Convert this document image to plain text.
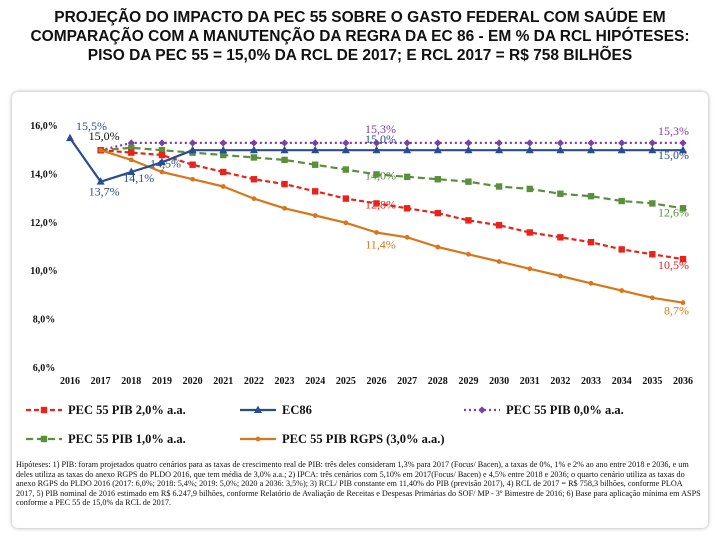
PROJEÇÃO DO IMPACTO DA PEC 55 SOBRE O GASTO FEDERAL COM SAÚDE EM COMPARAÇÃO COM A MANUTENÇÃO DA REGRA DA EC 86 - EM % DA RCL HIPÓTESES: PISO DA PEC 55 = 15,0% DA RCL DE 2017; E RCL 2017 = R$ 758 BILHÕES
6,0%
8,0%
10,0%
12,0%
14,0%
16,0%
2016 2017 2018 2019 2020 2021 2022 2023 2024 2025 2026 2027 2028 2029 2030 2031 2032 2033 2034 2035 2036
15,5%
15,0%
13,7%
14,1%
14,5%
15,3%
15,0%
14,0%
12,8%
11,4%
15,3%
15,0%
12,6%
10,5%
8,7%
PEC 55 PIB 2,0% a.a.	EC86	PEC 55 PIB 0,0% a.a.
PEC 55 PIB 1,0% a.a.	PEC 55 PIB RGPS (3,0% a.a.)
Hipóteses: 1) PIB: foram projetados quatro cenários para as taxas de crescimento real de PIB: três deles consideram 1,3% para 2017 (Focus/ Bacen), a taxas de 0%, 1% e 2% ao ano entre 2018 e 2036, e um deles utiliza as taxas do anexo RGPS do PLDO 2016, que tem média de 3,0% a.a.; 2) IPCA: três cenários com 5,10% em 2017(Focus/ Bacen) e 4,5% entre 2018 e 2036; o quarto cenário utiliza as taxas do anexo RGPS do PLDO 2016 (2017: 6,0%; 2018: 5,4%; 2019: 5,0%; 2020 a 2036: 3,5%); 3) RCL/ PIB constante em 11,40% do PIB (previsão 2017), 4) RCL de 2017 = R$ 758,3 bilhões, conforme PLOA 2017, 5) PIB nominal de 2016 estimado em R$ 6.247,9 bilhões, conforme Relatório de Avaliação de Receitas e Despesas Primárias do SOF/ MP - 3º Bimestre de 2016; 6) Base para aplicação mínima em ASPS conforme a PEC 55 de 15,0% da RCL de 2017.
